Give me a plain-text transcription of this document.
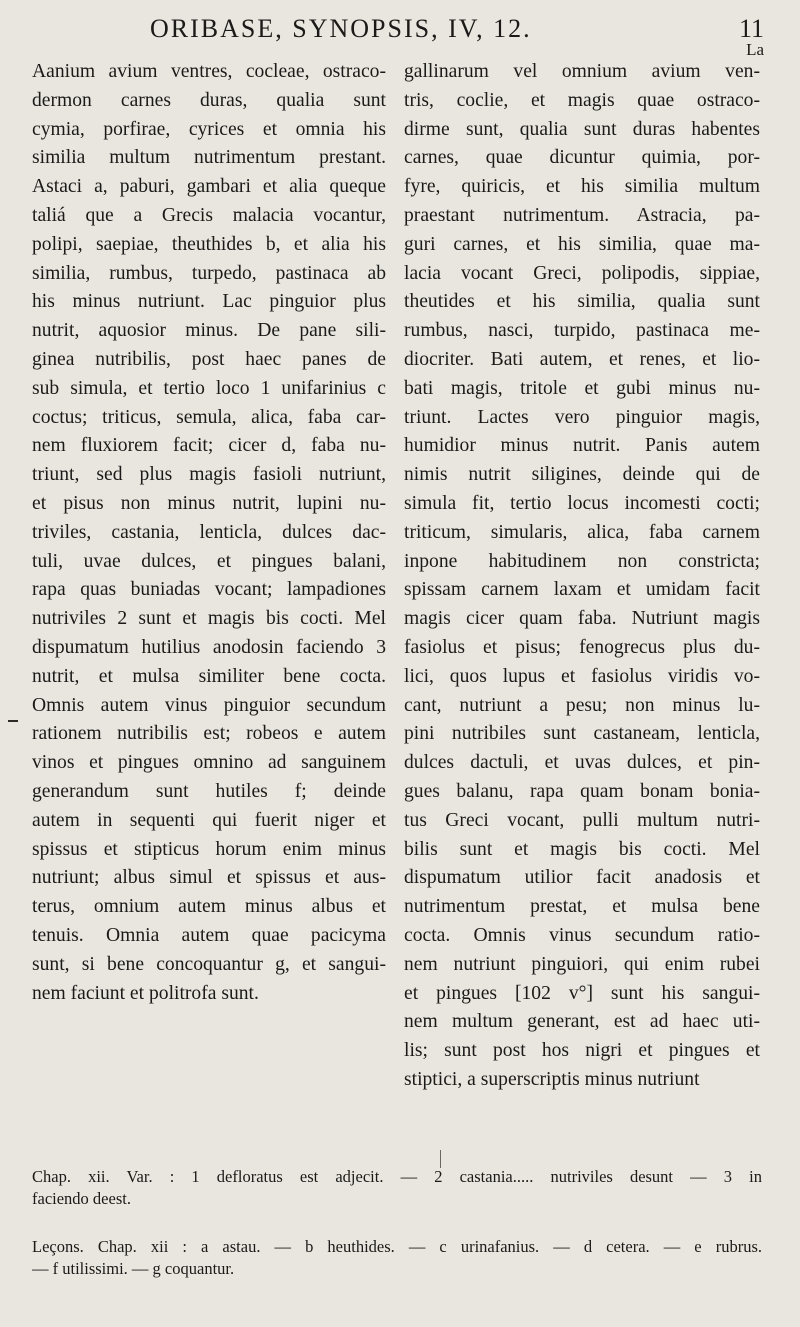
ORIBASE, SYNOPSIS, IV, 12.	11
La
Aanium avium ventres, cocleae, ostraco-
dermon carnes duras, qualia sunt
cymia, porfirae, cyrices et omnia his
similia multum nutrimentum prestant.
Astaci a, paburi, gambari et alia queque
taliá que a Grecis malacia vocantur,
polipi, saepiae, theuthides b, et alia his
similia, rumbus, turpedo, pastinaca ab
his minus nutriunt. Lac pinguior plus
nutrit, aquosior minus. De pane sili-
ginea nutribilis, post haec panes de
sub simula, et tertio loco 1 unifarinius c
coctus; triticus, semula, alica, faba car-
nem fluxiorem facit; cicer d, faba nu-
triunt, sed plus magis fasioli nutriunt,
et pisus non minus nutrit, lupini nu-
triviles, castania, lenticla, dulces dac-
tuli, uvae dulces, et pingues balani,
rapa quas buniadas vocant; lampadiones
nutriviles 2 sunt et magis bis cocti. Mel
dispumatum hutilius anodosin faciendo 3
nutrit, et mulsa similiter bene cocta.
Omnis autem vinus pinguior secundum
rationem nutribilis est; robeos e autem
vinos et pingues omnino ad sanguinem
generandum sunt hutiles f; deinde
autem in sequenti qui fuerit niger et
spissus et stipticus horum enim minus
nutriunt; albus simul et spissus et aus-
terus, omnium autem minus albus et
tenuis. Omnia autem quae pacicyma
sunt, si bene concoquantur g, et sangui-
nem faciunt et politrofa sunt.
gallinarum vel omnium avium ven-
tris, coclie, et magis quae ostraco-
dirme sunt, qualia sunt duras habentes
carnes, quae dicuntur quimia, por-
fyre, quiricis, et his similia multum
praestant nutrimentum. Astracia, pa-
guri carnes, et his similia, quae ma-
lacia vocant Greci, polipodis, sippiae,
theutides et his similia, qualia sunt
rumbus, nasci, turpido, pastinaca me-
diocriter. Bati autem, et renes, et lio-
bati magis, tritole et gubi minus nu-
triunt. Lactes vero pinguior magis,
humidior minus nutrit. Panis autem
nimis nutrit siligines, deinde qui de
simula fit, tertio locus incomesti cocti;
triticum, simularis, alica, faba carnem
inpone habitudinem non constricta;
spissam carnem laxam et umidam facit
magis cicer quam faba. Nutriunt magis
fasiolus et pisus; fenogrecus plus du-
lici, quos lupus et fasiolus viridis vo-
cant, nutriunt a pesu; non minus lu-
pini nutribiles sunt castaneam, lenticla,
dulces dactuli, et uvas dulces, et pin-
gues balanu, rapa quam bonam bonia-
tus Greci vocant, pulli multum nutri-
bilis sunt et magis bis cocti. Mel
dispumatum utilior facit anadosis et
nutrimentum prestat, et mulsa bene
cocta. Omnis vinus secundum ratio-
nem nutriunt pinguiori, qui enim rubei
et pingues [102 v°] sunt his sangui-
nem multum generant, est ad haec uti-
lis; sunt post hos nigri et pingues et
stiptici, a superscriptis minus nutriunt
Chap. xii. Var. : 1 defloratus est adjecit. — 2 castania..... nutriviles desunt — 3 in
faciendo deest.
Leçons. Chap. xii : a astau. — b heuthides. — c urinafanius. — d cetera. — e rubrus.
— f utilissimi. — g coquantur.
